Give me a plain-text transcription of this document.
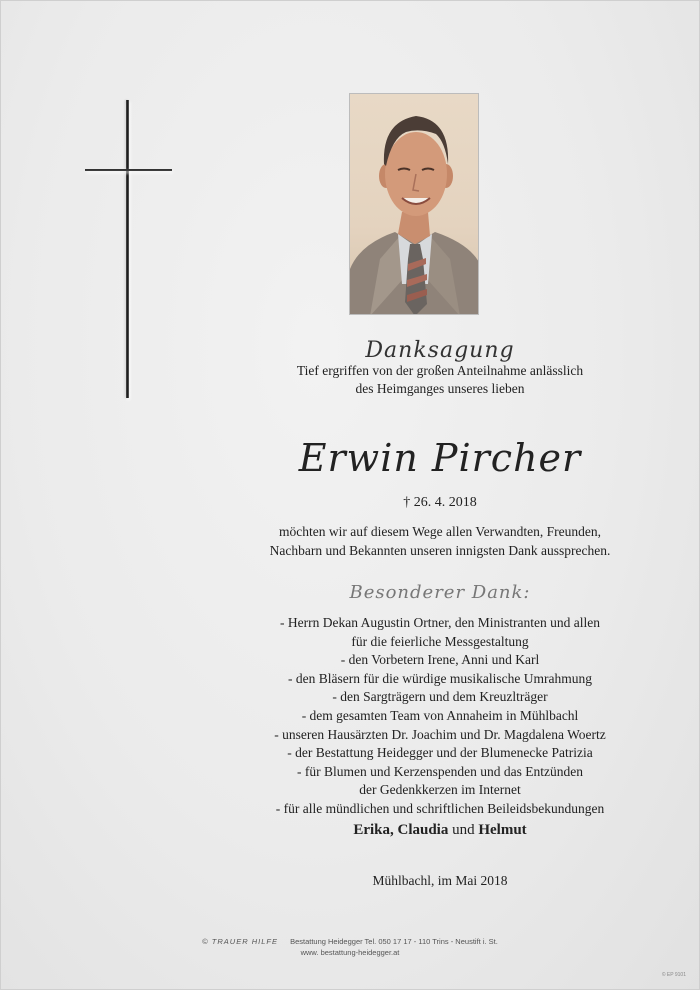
Danksagung
Tief ergriffen von der großen Anteilnahme anlässlich
des Heimganges unseres lieben
Erwin Pircher
† 26. 4. 2018
möchten wir auf diesem Wege allen Verwandten, Freunden,
Nachbarn und Bekannten unseren innigsten Dank aussprechen.
Besonderer Dank:
- Herrn Dekan Augustin Ortner, den Ministranten und allen
für die feierliche Messgestaltung
- den Vorbetern Irene, Anni und Karl
- den Bläsern für die würdige musikalische Umrahmung
- den Sargträgern und dem Kreuzlträger
- dem gesamten Team von Annaheim in Mühlbachl
- unseren Hausärzten Dr. Joachim und Dr. Magdalena Woertz
- der Bestattung Heidegger und der Blumenecke Patrizia
- für Blumen und Kerzenspenden und das Entzünden
der Gedenkkerzen im Internet
- für alle mündlichen und schriftlichen Beileidsbekundungen
Erika, Claudia und Helmut
Mühlbachl, im Mai 2018
© TRAUER HILFE Bestattung Heidegger Tel. 050 17 17 - 110 Trins - Neustift i. St.
www. bestattung-heidegger.at
© EP 9101
